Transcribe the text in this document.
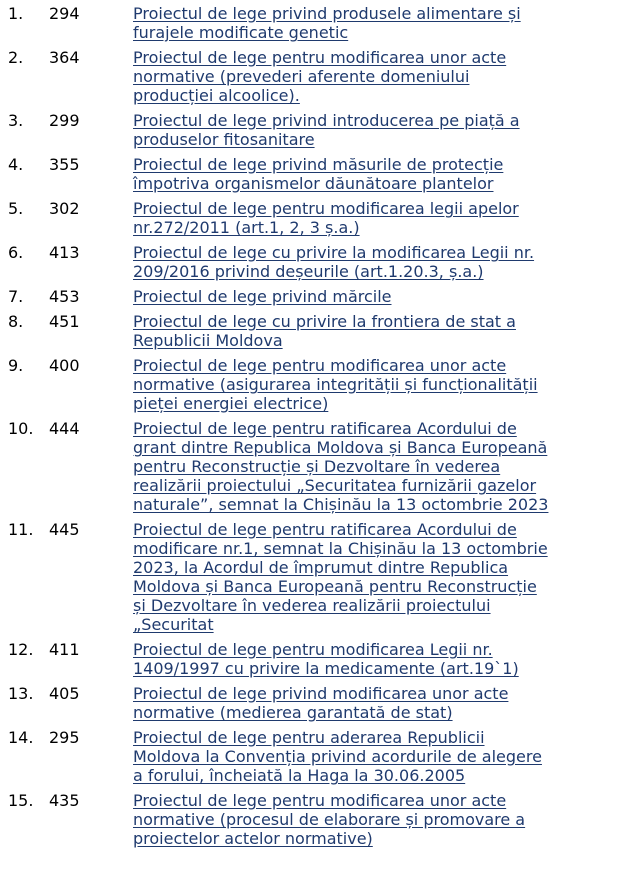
1.	294	Proiectul de lege privind produsele alimentare și furajele modificate genetic
2.	364	Proiectul de lege pentru modificarea unor acte normative (prevederi aferente domeniului producției alcoolice).
3.	299	Proiectul de lege privind introducerea pe piață a produselor fitosanitare
4.	355	Proiectul de lege privind măsurile de protecție împotriva organismelor dăunătoare plantelor
5.	302	Proiectul de lege pentru modificarea legii apelor nr.272/2011 (art.1, 2, 3 ș.a.)
6.	413	Proiectul de lege cu privire la modificarea Legii nr. 209/2016 privind deșeurile (art.1.20.3, ș.a.)
7.	453	Proiectul de lege privind mărcile
8.	451	Proiectul de lege cu privire la frontiera de stat a Republicii Moldova
9.	400	Proiectul de lege pentru modificarea unor acte normative (asigurarea integrității și funcționalității pieței energiei electrice)
10. 444	Proiectul de lege pentru ratificarea Acordului de grant dintre Republica Moldova și Banca Europeană pentru Reconstrucție și Dezvoltare în vederea realizării proiectului „Securitatea furnizării gazelor naturale”, semnat la Chișinău la 13 octombrie 2023
11. 445	Proiectul de lege pentru ratificarea Acordului de modificare nr.1, semnat la Chișinău la 13 octombrie 2023, la Acordul de împrumut dintre Republica Moldova și Banca Europeană pentru Reconstrucție și Dezvoltare în vederea realizării proiectului „Securitat
12. 411	Proiectul de lege pentru modificarea Legii nr. 1409/1997 cu privire la medicamente (art.19`1)
13. 405	Proiectul de lege privind modificarea unor acte normative (medierea garantată de stat)
14. 295	Proiectul de lege pentru aderarea Republicii Moldova la Convenția privind acordurile de alegere a forului, încheiată la Haga la 30.06.2005
15. 435	Proiectul de lege pentru modificarea unor acte normative (procesul de elaborare și promovare a proiectelor actelor normative)
